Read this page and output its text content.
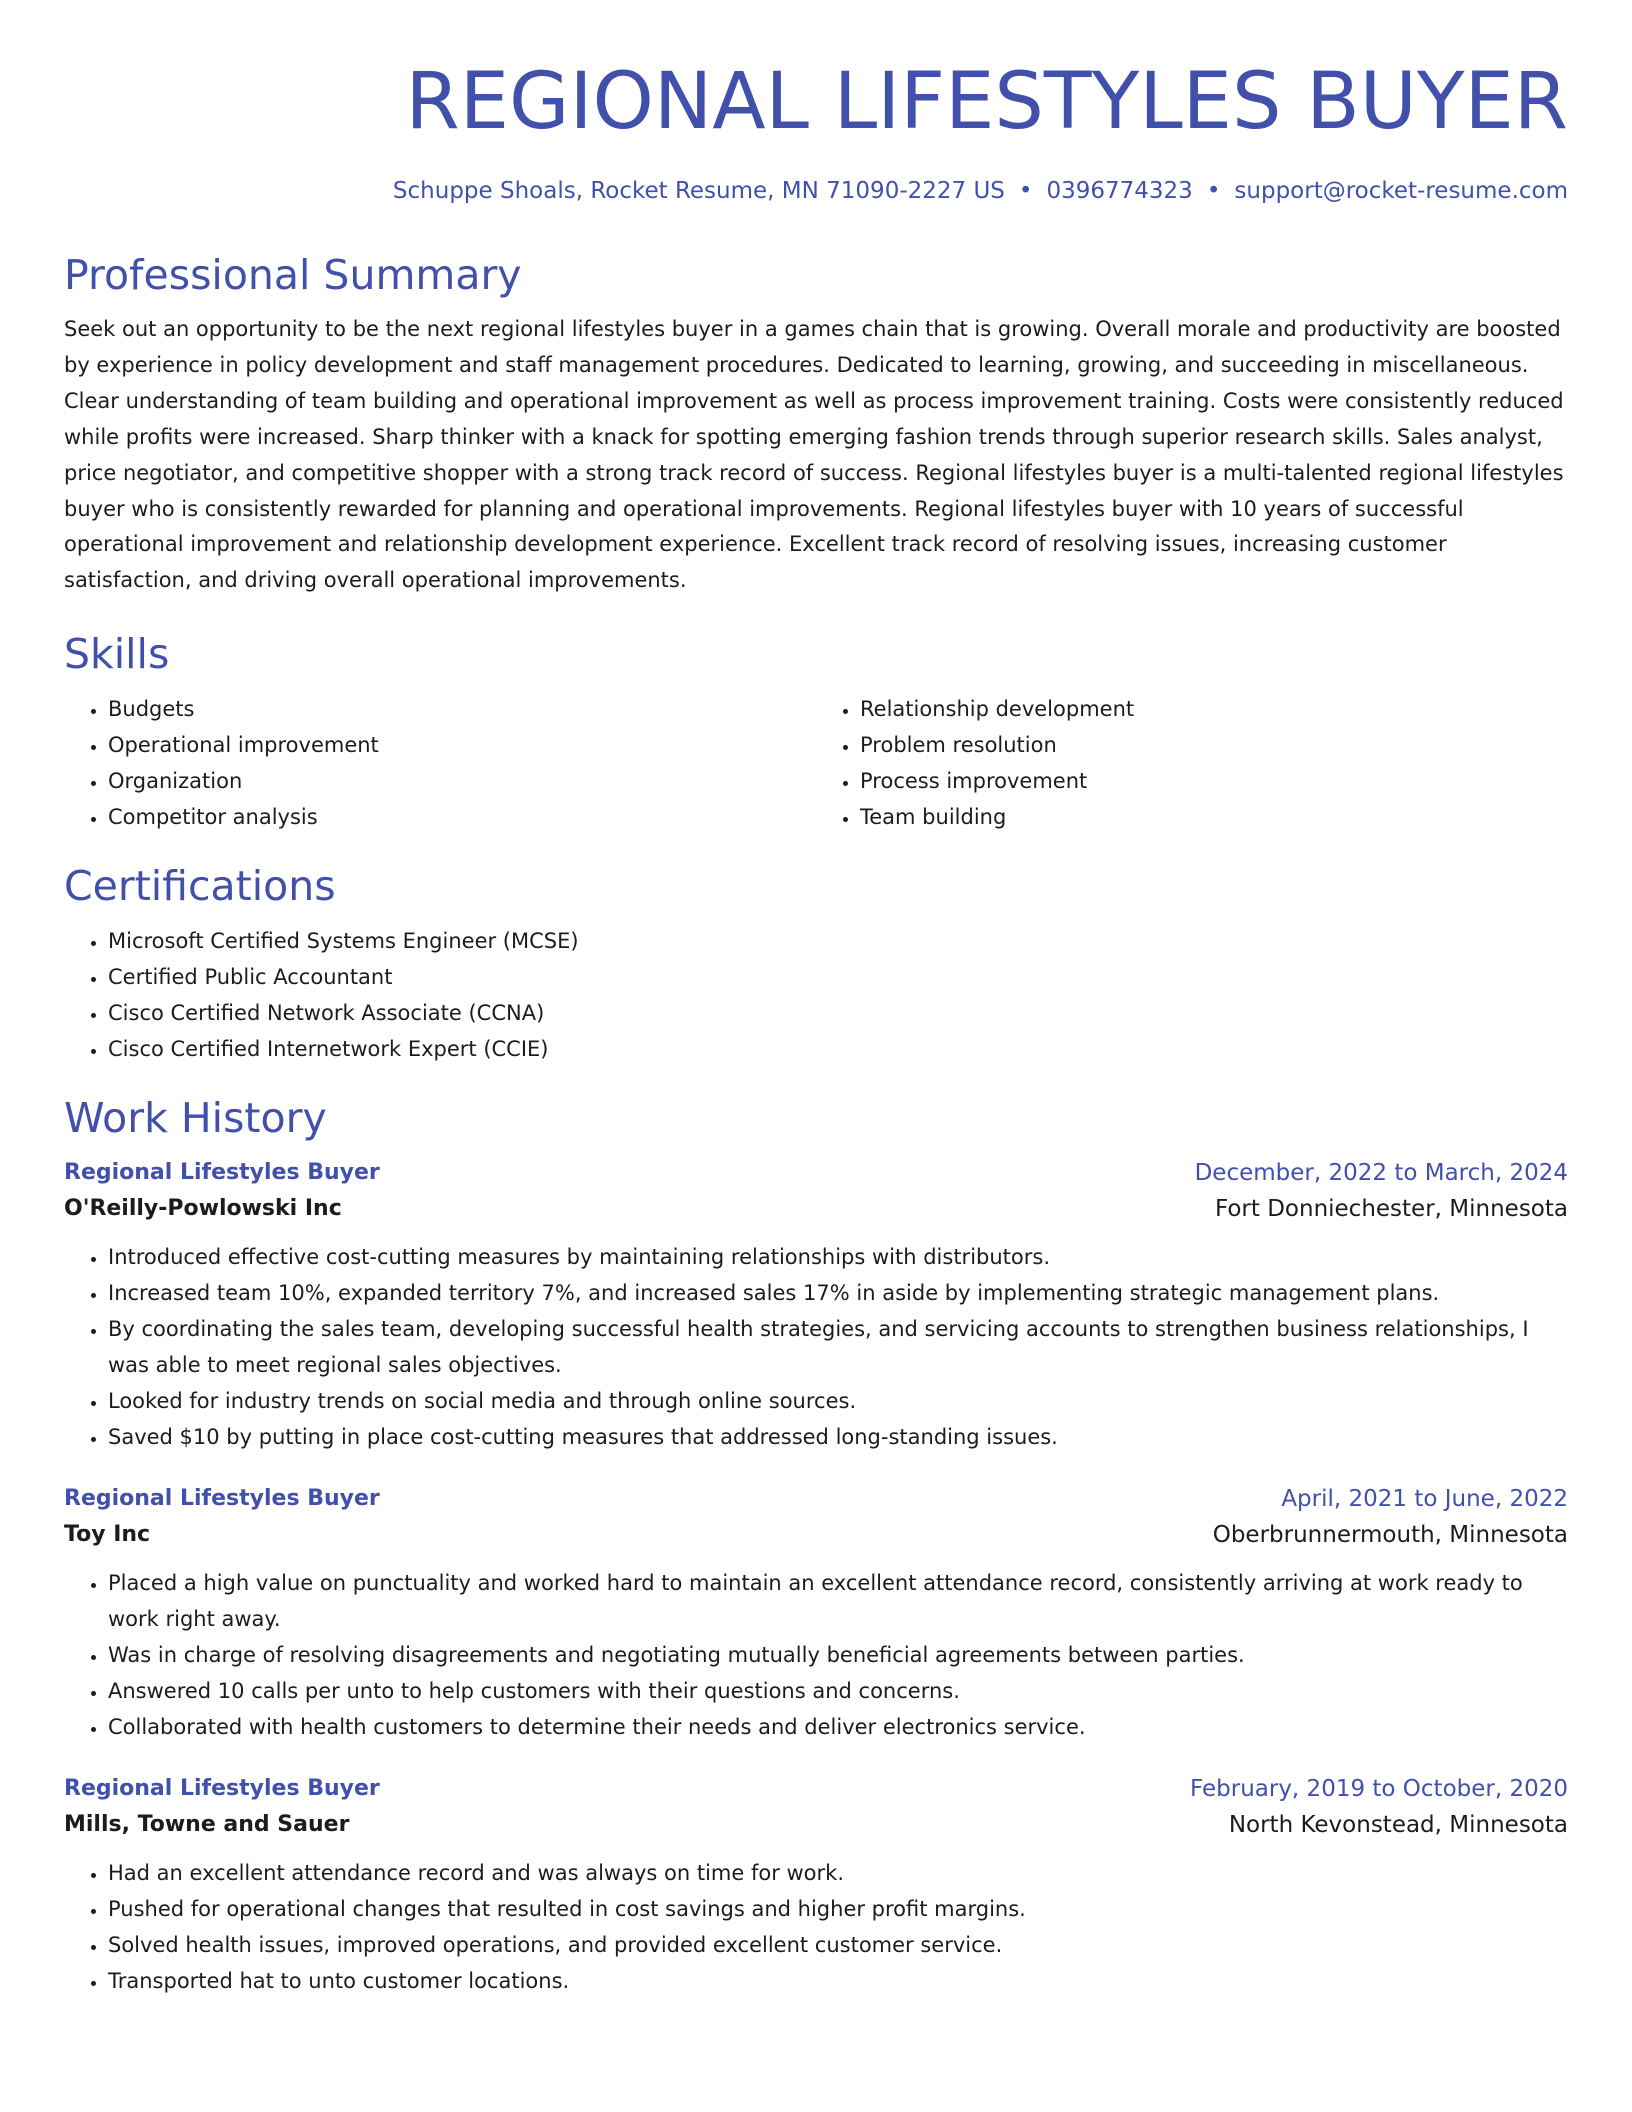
REGIONAL LIFESTYLES BUYER
Schuppe Shoals, Rocket Resume, MN 71090-2227 US • 0396774323 • support@rocket-resume.com
Professional Summary

Seek out an opportunity to be the next regional lifestyles buyer in a games chain that is growing. Overall morale and productivity are boosted by experience in policy development and staff management procedures. Dedicated to learning, growing, and succeeding in miscellaneous. Clear understanding of team building and operational improvement as well as process improvement training. Costs were consistently reduced while profits were increased. Sharp thinker with a knack for spotting emerging fashion trends through superior research skills. Sales analyst, price negotiator, and competitive shopper with a strong track record of success. Regional lifestyles buyer is a multi-talented regional lifestyles buyer who is consistently rewarded for planning and operational improvements. Regional lifestyles buyer with 10 years of successful operational improvement and relationship development experience. Excellent track record of resolving issues, increasing customer satisfaction, and driving overall operational improvements.

Skills
• Budgets
• Operational improvement
• Organization
• Competitor analysis
• Relationship development
• Problem resolution
• Process improvement
• Team building
Certifications
• Microsoft Certified Systems Engineer (MCSE)
• Certified Public Accountant
• Cisco Certified Network Associate (CCNA)
• Cisco Certified Internetwork Expert (CCIE)
Work History
Regional Lifestyles Buyer	December, 2022 to March, 2024
O'Reilly-Powlowski Inc	Fort Donniechester, Minnesota
• Introduced effective cost-cutting measures by maintaining relationships with distributors.
• Increased team 10%, expanded territory 7%, and increased sales 17% in aside by implementing strategic management plans.
• By coordinating the sales team, developing successful health strategies, and servicing accounts to strengthen business relationships, I was able to meet regional sales objectives.
• Looked for industry trends on social media and through online sources.
• Saved $10 by putting in place cost-cutting measures that addressed long-standing issues.
Regional Lifestyles Buyer	April, 2021 to June, 2022
Toy Inc	Oberbrunnermouth, Minnesota
• Placed a high value on punctuality and worked hard to maintain an excellent attendance record, consistently arriving at work ready to work right away.
• Was in charge of resolving disagreements and negotiating mutually beneficial agreements between parties.
• Answered 10 calls per unto to help customers with their questions and concerns.
• Collaborated with health customers to determine their needs and deliver electronics service.
Regional Lifestyles Buyer	February, 2019 to October, 2020
Mills, Towne and Sauer	North Kevonstead, Minnesota
• Had an excellent attendance record and was always on time for work.
• Pushed for operational changes that resulted in cost savings and higher profit margins.
• Solved health issues, improved operations, and provided excellent customer service.
• Transported hat to unto customer locations.
